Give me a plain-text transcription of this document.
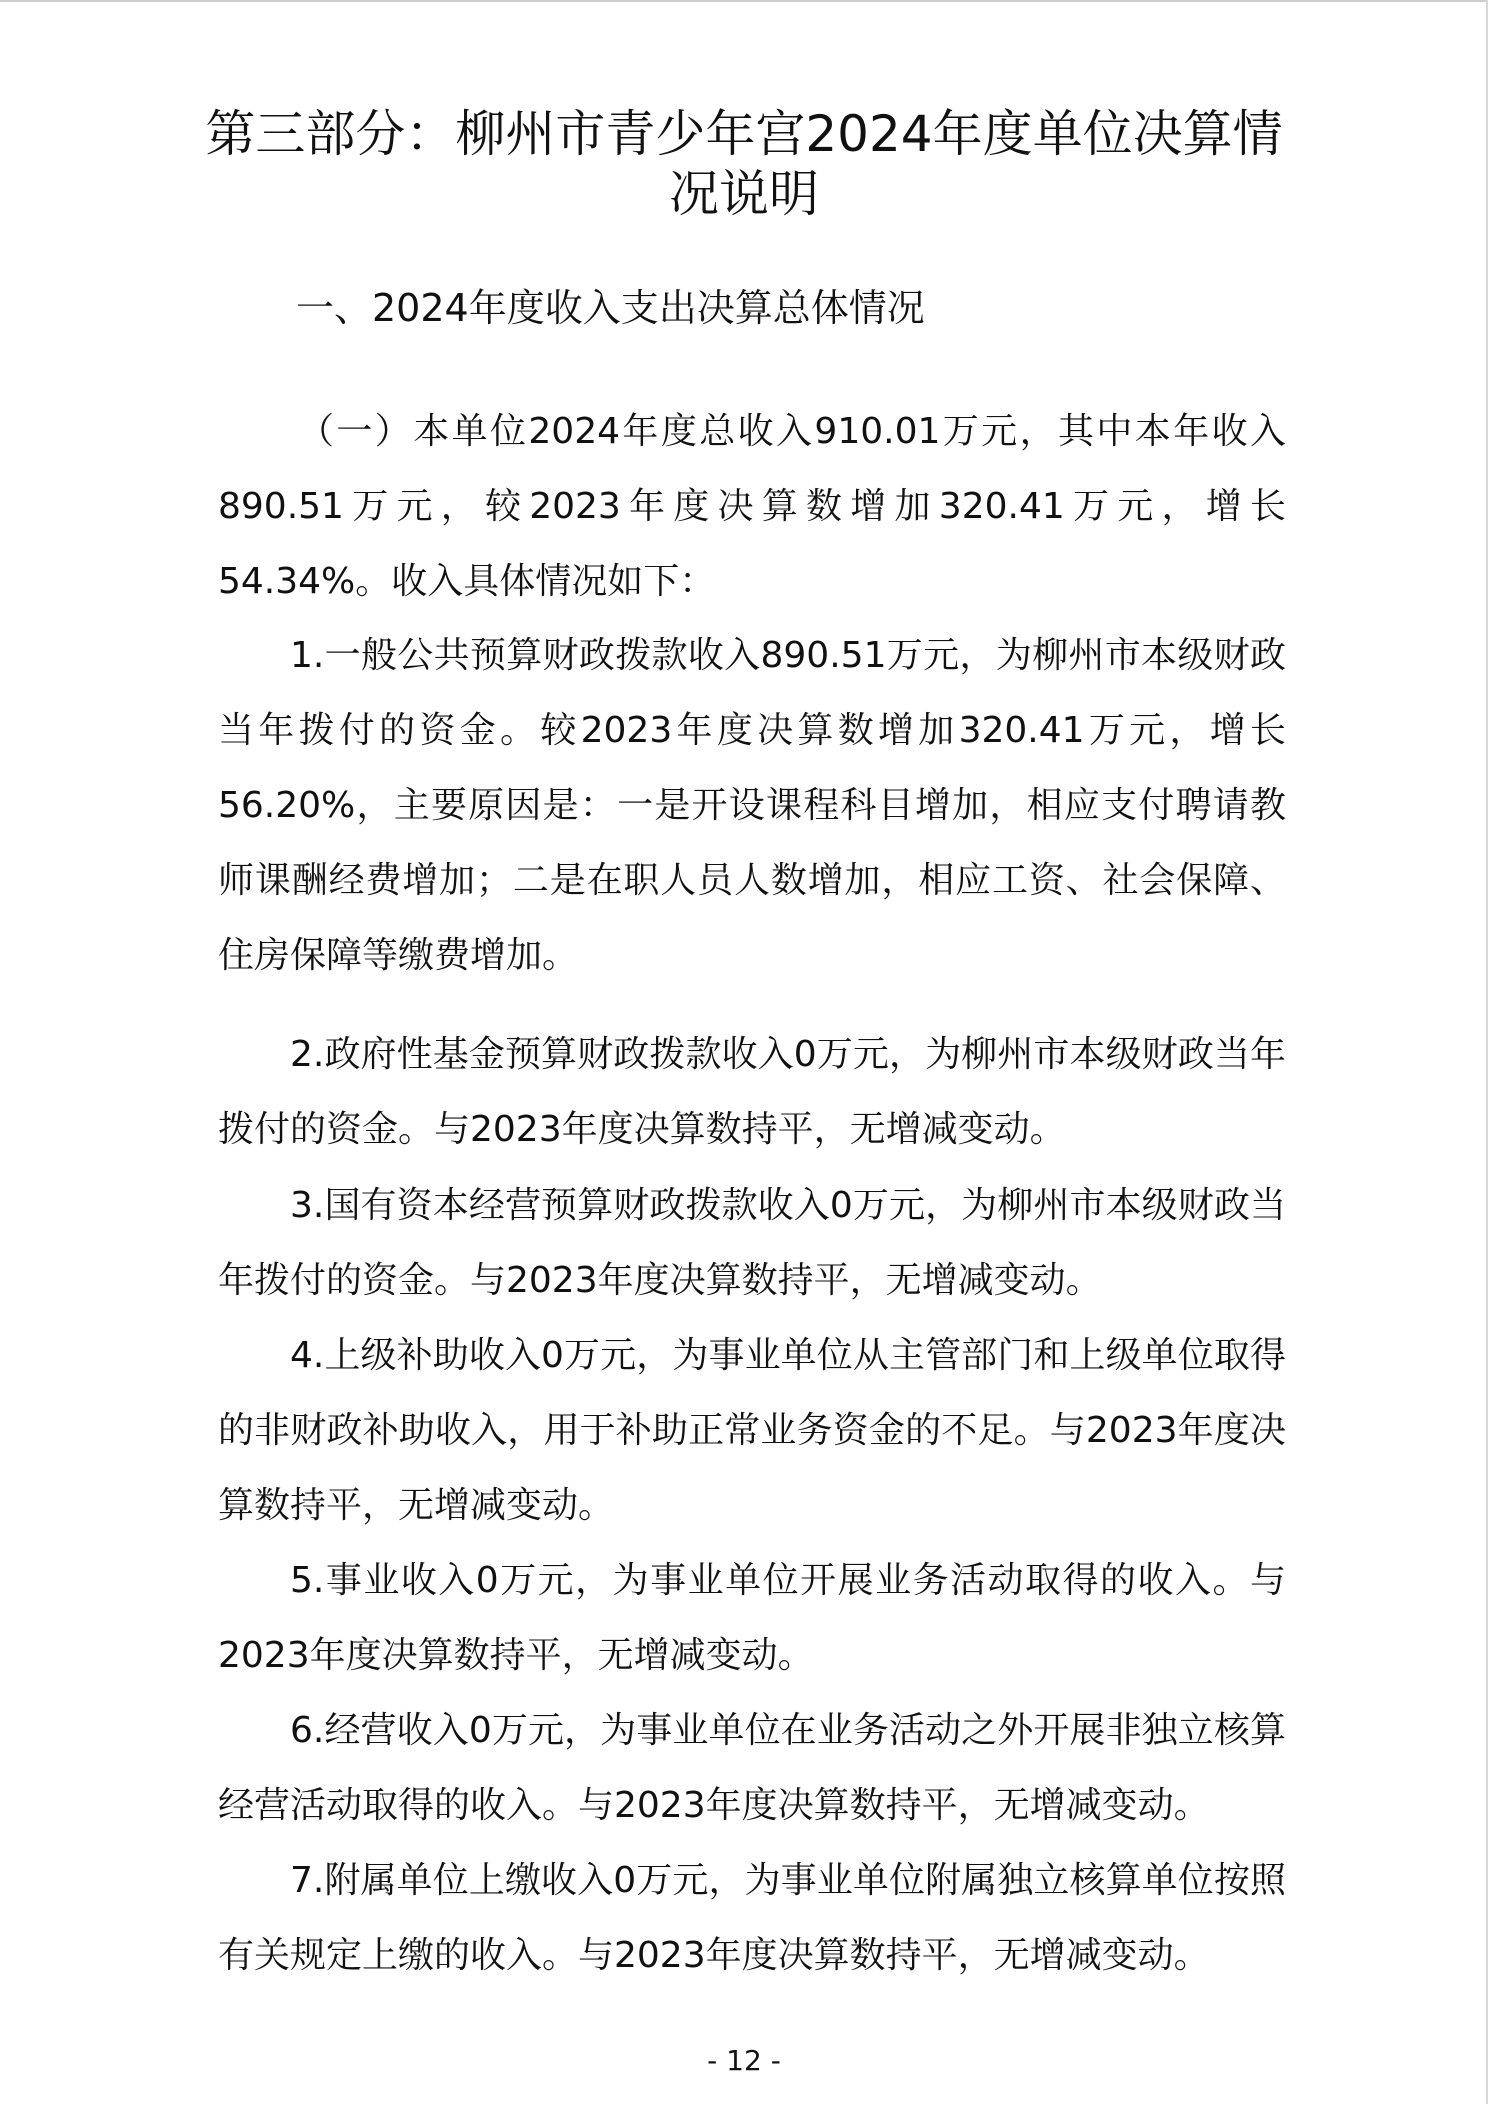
第三部分：柳州市青少年宫2024年度单位决算情况说明
一、2024年度收入支出决算总体情况

（一）本单位2024年度总收入910.01万元，其中本年收入890.51万元，较2023年度决算数增加320.41万元，增长54.34%。收入具体情况如下：

1.一般公共预算财政拨款收入890.51万元，为柳州市本级财政当年拨付的资金。较2023年度决算数增加320.41万元，增长56.20%，主要原因是：一是开设课程科目增加，相应支付聘请教师课酬经费增加；二是在职人员人数增加，相应工资、社会保障、住房保障等缴费增加。

2.政府性基金预算财政拨款收入0万元，为柳州市本级财政当年拨付的资金。与2023年度决算数持平，无增减变动。

3.国有资本经营预算财政拨款收入0万元，为柳州市本级财政当年拨付的资金。与2023年度决算数持平，无增减变动。

4.上级补助收入0万元，为事业单位从主管部门和上级单位取得的非财政补助收入，用于补助正常业务资金的不足。与2023年度决算数持平，无增减变动。

5.事业收入0万元，为事业单位开展业务活动取得的收入。与2023年度决算数持平，无增减变动。

6.经营收入0万元，为事业单位在业务活动之外开展非独立核算经营活动取得的收入。与2023年度决算数持平，无增减变动。

7.附属单位上缴收入0万元，为事业单位附属独立核算单位按照有关规定上缴的收入。与2023年度决算数持平，无增减变动。

- 12 -
